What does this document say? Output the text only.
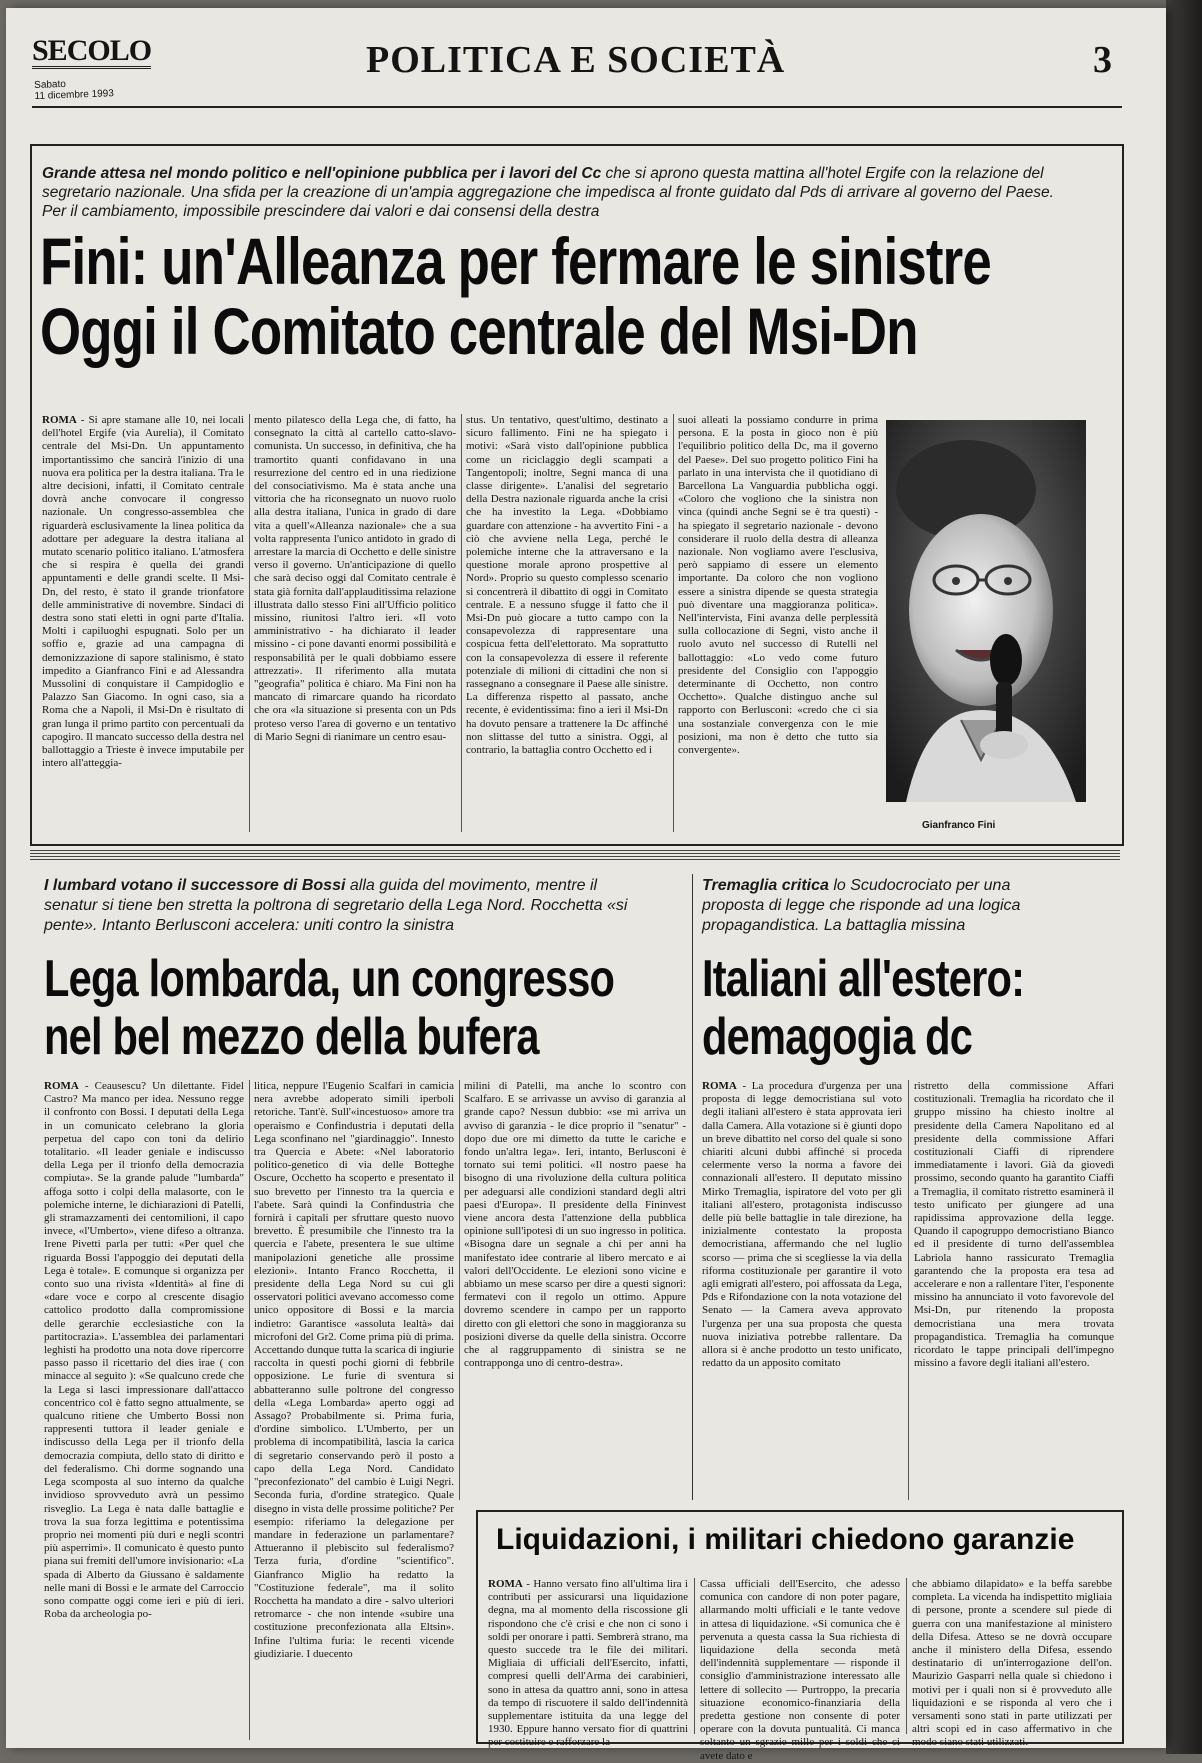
SECOLO
Sabato
11 dicembre 1993
POLITICA E SOCIETÀ	3

Grande attesa nel mondo politico e nell'opinione pubblica per i lavori del Cc che si aprono questa mattina all'hotel Ergife con la relazione del segretario nazionale. Una sfida per la creazione di un'ampia aggregazione che impedisca al fronte guidato dal Pds di arrivare al governo del Paese. Per il cambiamento, impossibile prescindere dai valori e dai consensi della destra

Fini: un'Alleanza per fermare le sinistre
Oggi il Comitato centrale del Msi-Dn
ROMA - Si apre stamane alle 10, nei locali dell'hotel Ergife (via Aurelia), il Comitato centrale del Msi-Dn. Un appuntamento importantissimo che sancirà l'inizio di una nuova era politica per la destra italiana. Tra le altre decisioni, infatti, il Comitato centrale dovrà anche convocare il congresso nazionale. Un congresso-assemblea che riguarderà esclusivamente la linea politica da adottare per adeguare la destra italiana al mutato scenario politico italiano. L'atmosfera che si respira è quella dei grandi appuntamenti e delle grandi scelte. Il Msi-Dn, del resto, è stato il grande trionfatore delle amministrative di novembre. Sindaci di destra sono stati eletti in ogni parte d'Italia. Molti i capiluoghi espugnati. Solo per un soffio e, grazie ad una campagna di demonizzazione di sapore stalinismo, è stato impedito a Gianfranco Fini e ad Alessandra Mussolini di conquistare il Campidoglio e Palazzo San Giacomo. In ogni caso, sia a Roma che a Napoli, il Msi-Dn è risultato di gran lunga il primo partito con percentuali da capogiro. Il mancato successo della destra nel ballottaggio a Trieste è invece imputabile per intero all'atteggia-
mento pilatesco della Lega che, di fatto, ha consegnato la città al cartello catto-slavo-comunista. Un successo, in definitiva, che ha tramortito quanti confidavano in una resurrezione del centro ed in una riedizione del consociativismo. Ma è stata anche una vittoria che ha riconsegnato un nuovo ruolo alla destra italiana, l'unica in grado di dare vita a quell'«Alleanza nazionale» che a sua volta rappresenta l'unico antidoto in grado di arrestare la marcia di Occhetto e delle sinistre verso il governo. Un'anticipazione di quello che sarà deciso oggi dal Comitato centrale è stata già fornita dall'applauditissima relazione illustrata dallo stesso Fini all'Ufficio politico missino, riunitosi l'altro ieri. «Il voto amministrativo - ha dichiarato il leader missino - ci pone davanti enormi possibilità e responsabilità per le quali dobbiamo essere attrezzati». Il riferimento alla mutata "geografia" politica è chiaro. Ma Fini non ha mancato di rimarcare quando ha ricordato che ora «la situazione si presenta con un Pds proteso verso l'area di governo e un tentativo di Mario Segni di rianimare un centro esau-
stus. Un tentativo, quest'ultimo, destinato a sicuro fallimento. Fini ne ha spiegato i motivi: «Sarà visto dall'opinione pubblica come un riciclaggio degli scampati a Tangentopoli; inoltre, Segni manca di una classe dirigente». L'analisi del segretario della Destra nazionale riguarda anche la crisi che ha investito la Lega. «Dobbiamo guardare con attenzione - ha avvertito Fini - a ciò che avviene nella Lega, perché le polemiche interne che la attraversano e la questione morale aprono prospettive al Nord». Proprio su questo complesso scenario si concentrerà il dibattito di oggi in Comitato centrale. E a nessuno sfugge il fatto che il Msi-Dn può giocare a tutto campo con la consapevolezza di rappresentare una cospicua fetta dell'elettorato. Ma soprattutto con la consapevolezza di essere il referente potenziale di milioni di cittadini che non si rassegnano a consegnare il Paese alle sinistre. La differenza rispetto al passato, anche recente, è evidentissima: fino a ieri il Msi-Dn ha dovuto pensare a trattenere la Dc affinché non slittasse del tutto a sinistra. Oggi, al contrario, la battaglia contro Occhetto ed i
suoi alleati la possiamo condurre in prima persona. E la posta in gioco non è più l'equilibrio politico della Dc, ma il governo del Paese». Del suo progetto politico Fini ha parlato in una intervista che il quotidiano di Barcellona La Vanguardia pubblicha oggi. «Coloro che vogliono che la sinistra non vinca (quindi anche Segni se è tra questi) - ha spiegato il segretario nazionale - devono considerare il ruolo della destra di alleanza nazionale. Non vogliamo avere l'esclusiva, però sappiamo di essere un elemento importante. Da coloro che non vogliono essere a sinistra dipende se questa strategia può diventare una maggioranza politica». Nell'intervista, Fini avanza delle perplessità sulla collocazione di Segni, visto anche il ruolo avuto nel successo di Rutelli nel ballottaggio: «Lo vedo come futuro presidente del Consiglio con l'appoggio determinante di Occhetto, non contro Occhetto». Qualche distinguo anche sul rapporto con Berlusconi: «credo che ci sia una sostanziale convergenza con le mie posizioni, ma non è detto che tutto sia convergente».
Gianfranco Fini

I lumbard votano il successore di Bossi alla guida del movimento, mentre il senatur si tiene ben stretta la poltrona di segretario della Lega Nord. Rocchetta «si pente». Intanto Berlusconi accelera: uniti contro la sinistra

Lega lombarda, un congresso
nel bel mezzo della bufera
ROMA - Ceausescu? Un dilettante. Fidel Castro? Ma manco per idea. Nessuno regge il confronto con Bossi. I deputati della Lega in un comunicato celebrano la gloria perpetua del capo con toni da delirio totalitario. «Il leader geniale e indiscusso della Lega per il trionfo della democrazia compiuta». Se la grande palude "lumbarda" affoga sotto i colpi della malasorte, con le polemiche interne, le dichiarazioni di Patelli, gli stramazzamenti dei centomilioni, il capo invece, «l'Umberto», viene difeso a oltranza. Irene Pivetti parla per tutti: «Per quel che riguarda Bossi l'appoggio dei deputati della Lega è totale». E comunque si organizza per conto suo una rivista «Identità» al fine di «dare voce e corpo al crescente disagio cattolico prodotto dalla compromissione delle gerarchie ecclesiastiche con la partitocrazia». L'assemblea dei parlamentari leghisti ha prodotto una nota dove ripercorre passo passo il ricettario del dies irae ( con minacce al seguito ): «Se qualcuno crede che la Lega si lasci impressionare dall'attacco concentrico col è fatto segno attualmente, se qualcuno ritiene che Umberto Bossi non rappresenti tuttora il leader geniale e indiscusso della Lega per il trionfo della democrazia compiuta, dello stato di diritto e del federalismo. Chi dorme sognando una Lega scomposta al suo interno da qualche invidioso sprovveduto avrà un pessimo risveglio. La Lega è nata dalle battaglie e trova la sua forza legittima e potentissima proprio nei momenti più duri e negli scontri più asperrimi». Il comunicato è questo punto piana sui fremiti dell'umore invisionario: «La spada di Alberto da Giussano è saldamente nelle mani di Bossi e le armate del Carroccio sono compatte oggi come ieri e più di ieri. Roba da archeologia po-
litica, neppure l'Eugenio Scalfari in camicia nera avrebbe adoperato simili iperboli retoriche. Tant'è. Sull'«incestuoso» amore tra operaismo e Confindustria i deputati della Lega sconfinano nel "giardinaggio". Innesto tra Quercia e Abete: «Nel laboratorio politico-genetico di via delle Botteghe Oscure, Occhetto ha scoperto e presentato il suo brevetto per l'innesto tra la quercia e l'abete. Sarà quindi la Confindustria che fornirà i capitali per sfruttare questo nuovo brevetto. È presumibile che l'innesto tra la quercia e l'abete, presentera le sue ultime manipolazioni genetiche alle prossime elezioni». Intanto Franco Rocchetta, il presidente della Lega Nord su cui gli osservatori politici avevano accomesso come unico oppositore di Bossi e la marcia indietro: Garantisce «assoluta lealtà» dai microfoni del Gr2. Come prima più di prima. Accettando dunque tutta la scarica di ingiurie raccolta in questi pochi giorni di febbrile opposizione. Le furie di sventura si abbatteranno sulle poltrone del congresso della «Lega Lombarda» aperto oggi ad Assago? Probabilmente si. Prima furia, d'ordine simbolico. L'Umberto, per un problema di incompatibilità, lascia la carica di segretario conservando però il posto a capo della Lega Nord. Candidato "preconfezionato" del cambio è Luigi Negri. Seconda furia, d'ordine strategico. Quale disegno in vista delle prossime politiche? Per esempio: riferiamo la delegazione per mandare in federazione un parlamentare? Attueranno il plebiscito sul federalismo? Terza furia, d'ordine "scientifico". Gianfranco Miglio ha redatto la "Costituzione federale", ma il solito Rocchetta ha mandato a dire - salvo ulteriori retromarce - che non intende «subire una costituzione preconfezionata alla Eltsin». Infine l'ultima furia: le recenti vicende giudiziarie. I duecento
milini di Patelli, ma anche lo scontro con Scalfaro. E se arrivasse un avviso di garanzia al grande capo? Nessun dubbio: «se mi arriva un avviso di garanzia - le dice proprio il "senatur" - dopo due ore mi dimetto da tutte le cariche e fondo un'altra lega». Ieri, intanto, Berlusconi è tornato sui temi politici. «Il nostro paese ha bisogno di una rivoluzione della cultura politica per adeguarsi alle condizioni standard degli altri paesi d'Europa». Il presidente della Fininvest viene ancora desta l'attenzione della pubblica opinione sull'ipotesi di un suo ingresso in politica. «Bisogna dare un segnale a chi per anni ha manifestato idee contrarie al libero mercato e ai valori dell'Occidente. Le elezioni sono vicine e abbiamo un mese scarso per dire a questi signori: fermatevi con il regolo un ottimo. Appure dovremo scendere in campo per un rapporto diretto con gli elettori che sono in maggioranza su posizioni diverse da quelle della sinistra. Occorre che al raggruppamento di sinistra se ne contrapponga uno di centro-destra».

Tremaglia critica lo Scudocrociato per una proposta di legge che risponde ad una logica propagandistica. La battaglia missina

Italiani all'estero:
demagogia dc
ROMA - La procedura d'urgenza per una proposta di legge democristiana sul voto degli italiani all'estero è stata approvata ieri dalla Camera. Alla votazione si è giunti dopo un breve dibattito nel corso del quale si sono chiariti alcuni dubbi affinché si proceda celermente verso la norma a favore dei connazionali all'estero. Il deputato missino Mirko Tremaglia, ispiratore del voto per gli italiani all'estero, protagonista indiscusso delle più belle battaglie in tale direzione, ha inizialmente contestato la proposta democristiana, affermando che nel luglio scorso — prima che si scegliesse la via della riforma costituzionale per garantire il voto agli emigrati all'estero, poi affossata da Lega, Pds e Rifondazione con la nota votazione del Senato — la Camera aveva approvato l'urgenza per una sua proposta che questa nuova iniziativa potrebbe rallentare. Da allora si è anche prodotto un testo unificato, redatto da un apposito comitato
ristretto della commissione Affari costituzionali. Tremaglia ha ricordato che il gruppo missino ha chiesto inoltre al presidente della Camera Napolitano ed al presidente della commissione Affari costituzionali Ciaffi di riprendere immediatamente i lavori. Già da giovedì prossimo, secondo quanto ha garantito Ciaffi a Tremaglia, il comitato ristretto esaminerà il testo unificato per giungere ad una rapidissima approvazione della legge. Quando il capogruppo democristiano Bianco ed il presidente di turno dell'assemblea Labriola hanno rassicurato Tremaglia garantendo che la proposta era tesa ad accelerare e non a rallentare l'iter, l'esponente missino ha annunciato il voto favorevole del Msi-Dn, pur ritenendo la proposta democristiana una mera trovata propagandistica. Tremaglia ha comunque ricordato le tappe principali dell'impegno missino a favore degli italiani all'estero.
Liquidazioni, i militari chiedono garanzie
ROMA - Hanno versato fino all'ultima lira i contributi per assicurarsi una liquidazione degna, ma al momento della riscossione gli rispondono che c'è crisi e che non ci sono i soldi per onorare i patti. Sembrerà strano, ma questo succede tra le file dei militari. Migliaia di ufficiali dell'Esercito, infatti, compresi quelli dell'Arma dei carabinieri, sono in attesa da quattro anni, sono in attesa da tempo di riscuotere il saldo dell'indennità supplementare istituita da una legge del 1930. Eppure hanno versato fior di quattrini per costituire e rafforzare la
Cassa ufficiali dell'Esercito, che adesso comunica con candore di non poter pagare, allarmando molti ufficiali e le tante vedove in attesa di liquidazione. «Si comunica che è pervenuta a questa cassa la Sua richiesta di liquidazione della seconda metà dell'indennità supplementare — risponde il consiglio d'amministrazione interessato alle lettere di sollecito — Purtroppo, la precaria situazione economico-finanziaria della predetta gestione non consente di poter operare con la dovuta puntualità. Ci manca soltanto un sgrazie mille per i soldi che ci avete dato e
che abbiamo dilapidato» e la beffa sarebbe completa. La vicenda ha indispettito migliaia di persone, pronte a scendere sul piede di guerra con una manifestazione al ministero della Difesa. Atteso se ne dovrà occupare anche il ministero della Difesa, essendo destinatario di un'interrogazione dell'on. Maurizio Gasparri nella quale si chiedono i motivi per i quali non si è provveduto alle liquidazioni e se risponda al vero che i versamenti sono stati in parte utilizzati per altri scopi ed in caso affermativo in che modo siano stati utilizzati.
